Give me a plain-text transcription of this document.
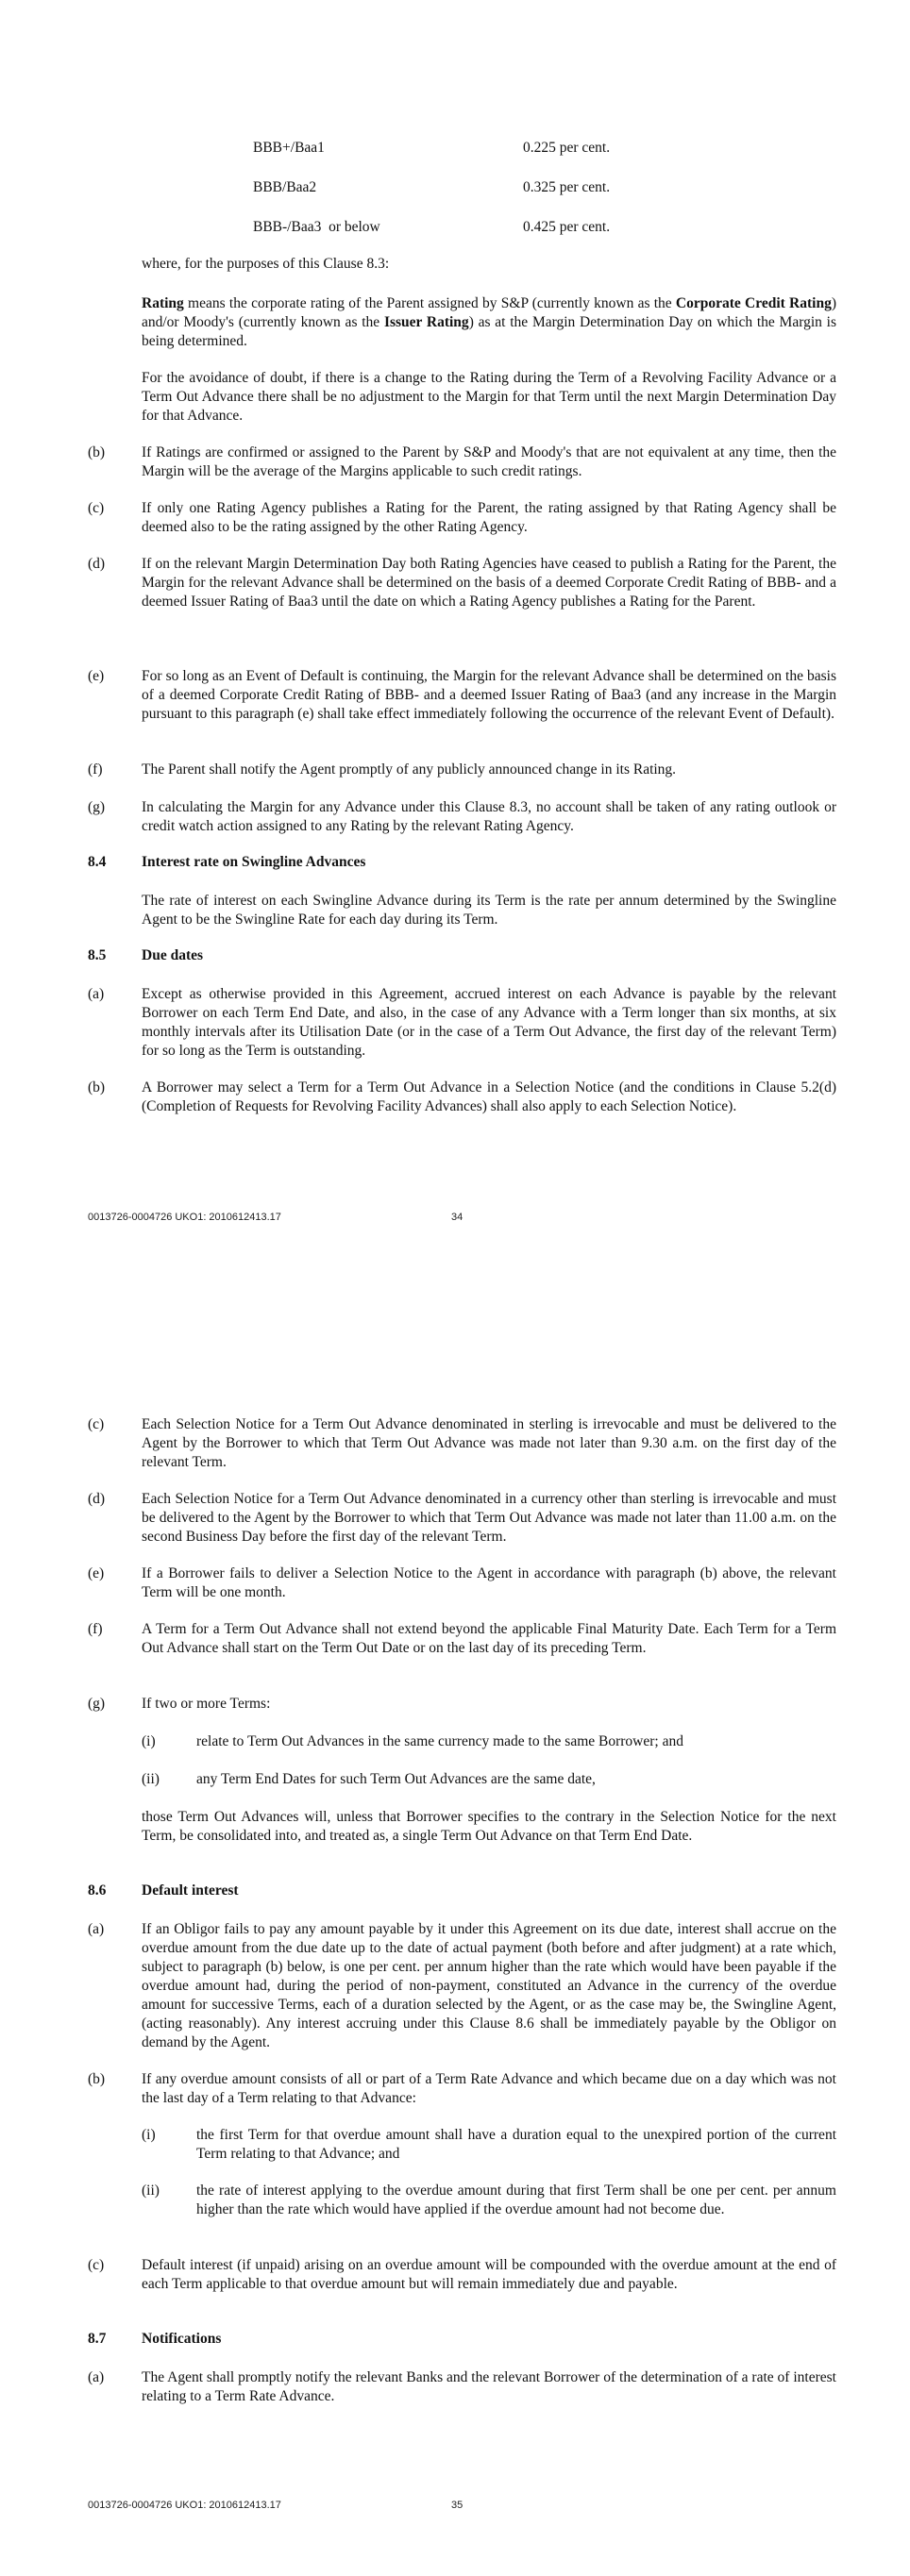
BBB+/Baa1	0.225 per cent.
BBB/Baa2	0.325 per cent.
BBB-/Baa3  or below	0.425 per cent.
where, for the purposes of this Clause 8.3:
Rating means the corporate rating of the Parent assigned by S&P (currently known as the Corporate Credit Rating) and/or Moody's (currently known as the Issuer Rating) as at the Margin Determination Day on which the Margin is being determined.
For the avoidance of doubt, if there is a change to the Rating during the Term of a Revolving Facility Advance or a Term Out Advance there shall be no adjustment to the Margin for that Term until the next Margin Determination Day for that Advance.
(b)	If Ratings are confirmed or assigned to the Parent by S&P and Moody's that are not equivalent at any time, then the Margin will be the average of the Margins applicable to such credit ratings.
(c)	If only one Rating Agency publishes a Rating for the Parent, the rating assigned by that Rating Agency shall be deemed also to be the rating assigned by the other Rating Agency.
(d)	If on the relevant Margin Determination Day both Rating Agencies have ceased to publish a Rating for the Parent, the Margin for the relevant Advance shall be determined on the basis of a deemed Corporate Credit Rating of BBB- and a deemed Issuer Rating of Baa3 until the date on which a Rating Agency publishes a Rating for the Parent.
(e)	For so long as an Event of Default is continuing, the Margin for the relevant Advance shall be determined on the basis of a deemed Corporate Credit Rating of BBB- and a deemed Issuer Rating of Baa3 (and any increase in the Margin pursuant to this paragraph (e) shall take effect immediately following the occurrence of the relevant Event of Default).
(f)	The Parent shall notify the Agent promptly of any publicly announced change in its Rating.
(g)	In calculating the Margin for any Advance under this Clause 8.3, no account shall be taken of any rating outlook or credit watch action assigned to any Rating by the relevant Rating Agency.
8.4 Interest rate on Swingline Advances
The rate of interest on each Swingline Advance during its Term is the rate per annum determined by the Swingline Agent to be the Swingline Rate for each day during its Term.
8.5 Due dates
(a)	Except as otherwise provided in this Agreement, accrued interest on each Advance is payable by the relevant Borrower on each Term End Date, and also, in the case of any Advance with a Term longer than six months, at six monthly intervals after its Utilisation Date (or in the case of a Term Out Advance, the first day of the relevant Term) for so long as the Term is outstanding.
(b)	A Borrower may select a Term for a Term Out Advance in a Selection Notice (and the conditions in Clause 5.2(d) (Completion of Requests for Revolving Facility Advances) shall also apply to each Selection Notice).
0013726-0004726 UKO1: 2010612413.17	34
(c)	Each Selection Notice for a Term Out Advance denominated in sterling is irrevocable and must be delivered to the Agent by the Borrower to which that Term Out Advance was made not later than 9.30 a.m. on the first day of the relevant Term.
(d)	Each Selection Notice for a Term Out Advance denominated in a currency other than sterling is irrevocable and must be delivered to the Agent by the Borrower to which that Term Out Advance was made not later than 11.00 a.m. on the second Business Day before the first day of the relevant Term.
(e)	If a Borrower fails to deliver a Selection Notice to the Agent in accordance with paragraph (b) above, the relevant Term will be one month.
(f)	A Term for a Term Out Advance shall not extend beyond the applicable Final Maturity Date. Each Term for a Term Out Advance shall start on the Term Out Date or on the last day of its preceding Term.
(g)	If two or more Terms:
(i)	relate to Term Out Advances in the same currency made to the same Borrower; and
(ii)	any Term End Dates for such Term Out Advances are the same date,
those Term Out Advances will, unless that Borrower specifies to the contrary in the Selection Notice for the next Term, be consolidated into, and treated as, a single Term Out Advance on that Term End Date.
8.6 Default interest
(a)	If an Obligor fails to pay any amount payable by it under this Agreement on its due date, interest shall accrue on the overdue amount from the due date up to the date of actual payment (both before and after judgment) at a rate which, subject to paragraph (b) below, is one per cent. per annum higher than the rate which would have been payable if the overdue amount had, during the period of non-payment, constituted an Advance in the currency of the overdue amount for successive Terms, each of a duration selected by the Agent, or as the case may be, the Swingline Agent, (acting reasonably). Any interest accruing under this Clause 8.6 shall be immediately payable by the Obligor on demand by the Agent.
(b)	If any overdue amount consists of all or part of a Term Rate Advance and which became due on a day which was not the last day of a Term relating to that Advance:
(i)	the first Term for that overdue amount shall have a duration equal to the unexpired portion of the current Term relating to that Advance; and
(ii)	the rate of interest applying to the overdue amount during that first Term shall be one per cent. per annum higher than the rate which would have applied if the overdue amount had not become due.
(c)	Default interest (if unpaid) arising on an overdue amount will be compounded with the overdue amount at the end of each Term applicable to that overdue amount but will remain immediately due and payable.
8.7 Notifications
(a)	The Agent shall promptly notify the relevant Banks and the relevant Borrower of the determination of a rate of interest relating to a Term Rate Advance.
0013726-0004726 UKO1: 2010612413.17	35
